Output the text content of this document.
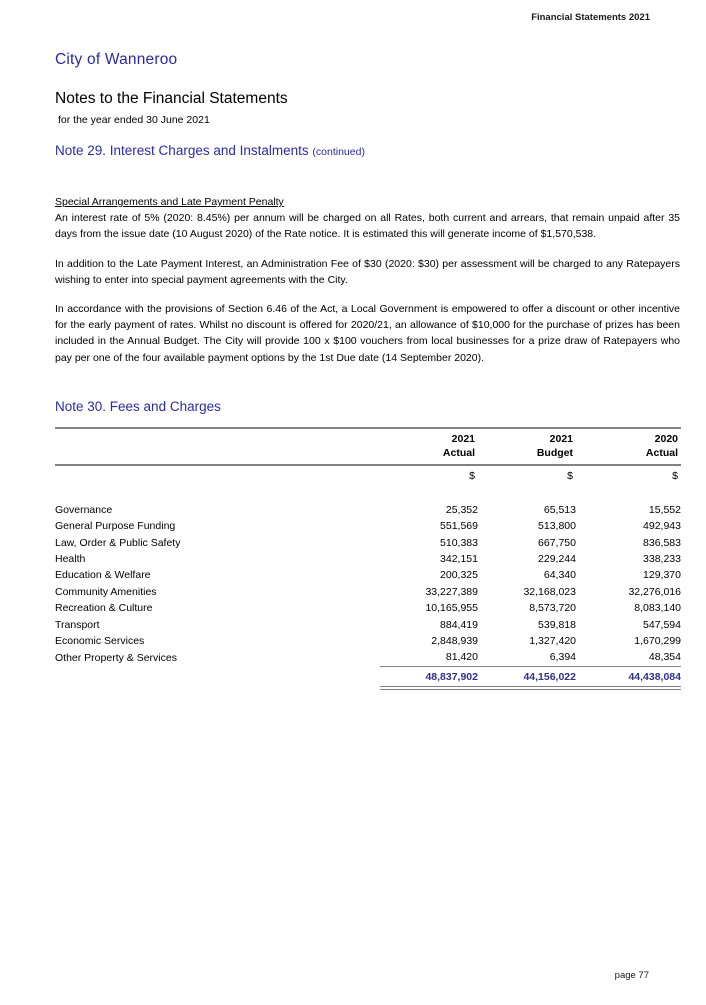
Financial Statements 2021
City of Wanneroo
Notes to the Financial Statements
for the year ended 30 June 2021
Note 29. Interest Charges and Instalments (continued)
Special Arrangements and Late Payment Penalty

An interest rate of 5% (2020: 8.45%) per annum will be charged on all Rates, both current and arrears, that remain unpaid after 35 days from the issue date (10 August 2020) of the Rate notice. It is estimated this will generate income of $1,570,538.

In addition to the Late Payment Interest, an Administration Fee of $30 (2020: $30) per assessment will be charged to any Ratepayers wishing to enter into special payment agreements with the City.

In accordance with the provisions of Section 6.46 of the Act, a Local Government is empowered to offer a discount or other incentive for the early payment of rates. Whilst no discount is offered for 2020/21, an allowance of $10,000 for the purchase of prizes has been included in the Annual Budget. The City will provide 100 x $100 vouchers from local businesses for a prize draw of Ratepayers who pay per one of the four available payment options by the 1st Due date (14 September 2020).

Note 30. Fees and Charges
	2021	2021	2020
	Actual	Budget	Actual
	$	$	$

Governance	25,352	65,513	15,552

General Purpose Funding	551,569	513,800	492,943

Law, Order & Public Safety	510,383	667,750	836,583

Health	342,151	229,244	338,233

Education & Welfare	200,325	64,340	129,370

Community Amenities	33,227,389	32,168,023	32,276,016

Recreation & Culture	10,165,955	8,573,720	8,083,140

Transport	884,419	539,818	547,594

Economic Services	2,848,939	1,327,420	1,670,299

Other Property & Services	81,420	6,394	48,354

	48,837,902	44,156,022	44,438,084
page 77
